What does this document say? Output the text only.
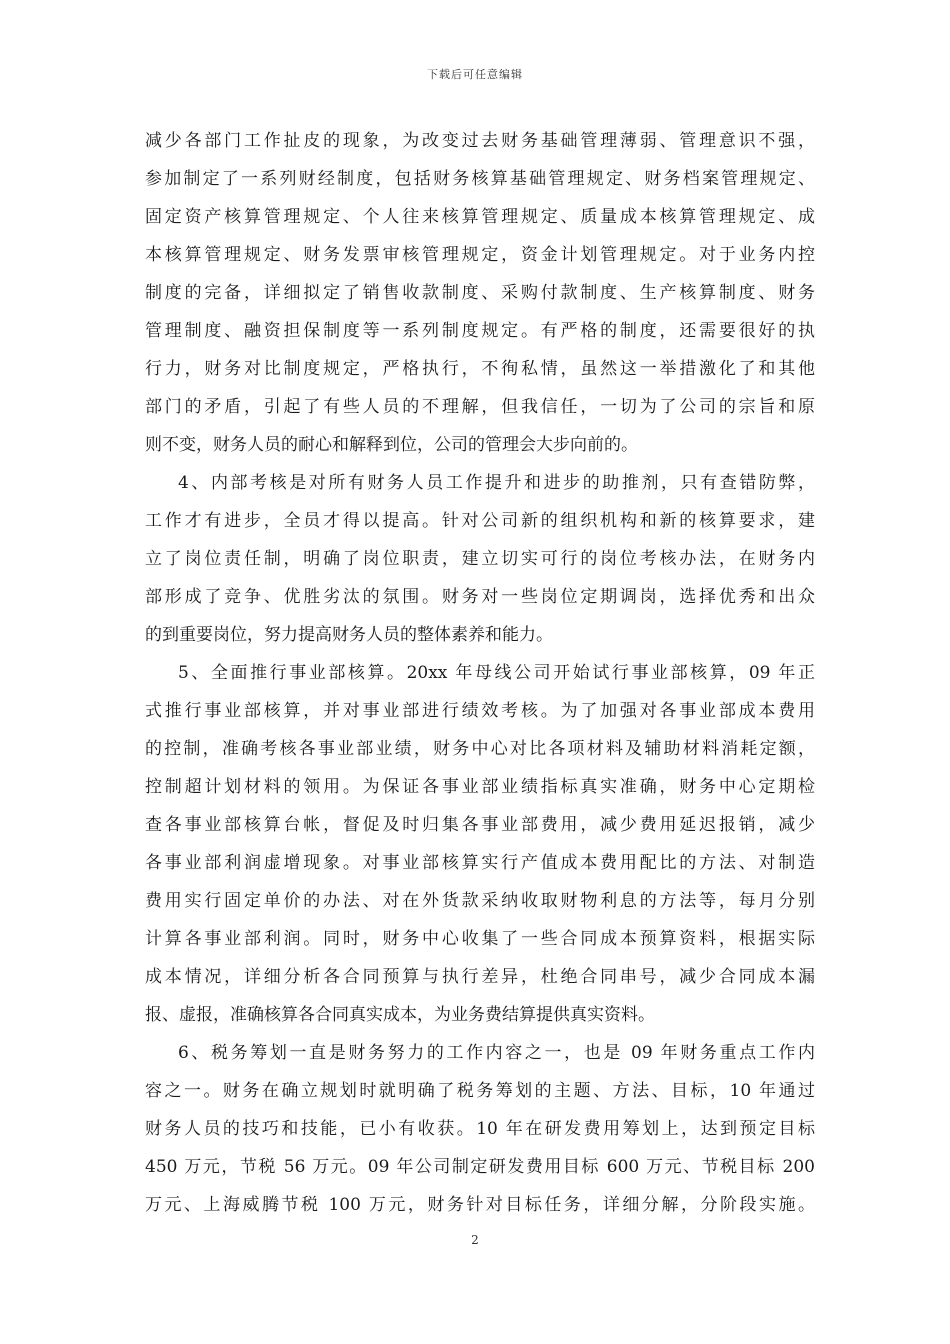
下载后可任意编辑
减少各部门工作扯皮的现象，为改变过去财务基础管理薄弱、管理意识不强，
参加制定了一系列财经制度，包括财务核算基础管理规定、财务档案管理规定、
固定资产核算管理规定、个人往来核算管理规定、质量成本核算管理规定、成
本核算管理规定、财务发票审核管理规定，资金计划管理规定。对于业务内控
制度的完备，详细拟定了销售收款制度、采购付款制度、生产核算制度、财务
管理制度、融资担保制度等一系列制度规定。有严格的制度，还需要很好的执
行力，财务对比制度规定，严格执行，不徇私情，虽然这一举措激化了和其他
部门的矛盾，引起了有些人员的不理解，但我信任，一切为了公司的宗旨和原
则不变，财务人员的耐心和解释到位，公司的管理会大步向前的。
4、内部考核是对所有财务人员工作提升和进步的助推剂，只有查错防弊，
工作才有进步，全员才得以提高。针对公司新的组织机构和新的核算要求，建
立了岗位责任制，明确了岗位职责，建立切实可行的岗位考核办法，在财务内
部形成了竞争、优胜劣汰的氛围。财务对一些岗位定期调岗，选择优秀和出众
的到重要岗位，努力提高财务人员的整体素养和能力。
5、全面推行事业部核算。20xx 年母线公司开始试行事业部核算，09 年正
式推行事业部核算，并对事业部进行绩效考核。为了加强对各事业部成本费用
的控制，准确考核各事业部业绩，财务中心对比各项材料及辅助材料消耗定额，
控制超计划材料的领用。为保证各事业部业绩指标真实准确，财务中心定期检
查各事业部核算台帐，督促及时归集各事业部费用，减少费用延迟报销，减少
各事业部利润虚增现象。对事业部核算实行产值成本费用配比的方法、对制造
费用实行固定单价的办法、对在外货款采纳收取财物利息的方法等，每月分别
计算各事业部利润。同时，财务中心收集了一些合同成本预算资料，根据实际
成本情况，详细分析各合同预算与执行差异，杜绝合同串号，减少合同成本漏
报、虚报，准确核算各合同真实成本，为业务费结算提供真实资料。
6、税务筹划一直是财务努力的工作内容之一，也是 09 年财务重点工作内
容之一。财务在确立规划时就明确了税务筹划的主题、方法、目标，10 年通过
财务人员的技巧和技能，已小有收获。10 年在研发费用筹划上，达到预定目标
450 万元，节税 56 万元。09 年公司制定研发费用目标 600 万元、节税目标 200
万元、上海威腾节税 100 万元，财务针对目标任务，详细分解，分阶段实施。
2
